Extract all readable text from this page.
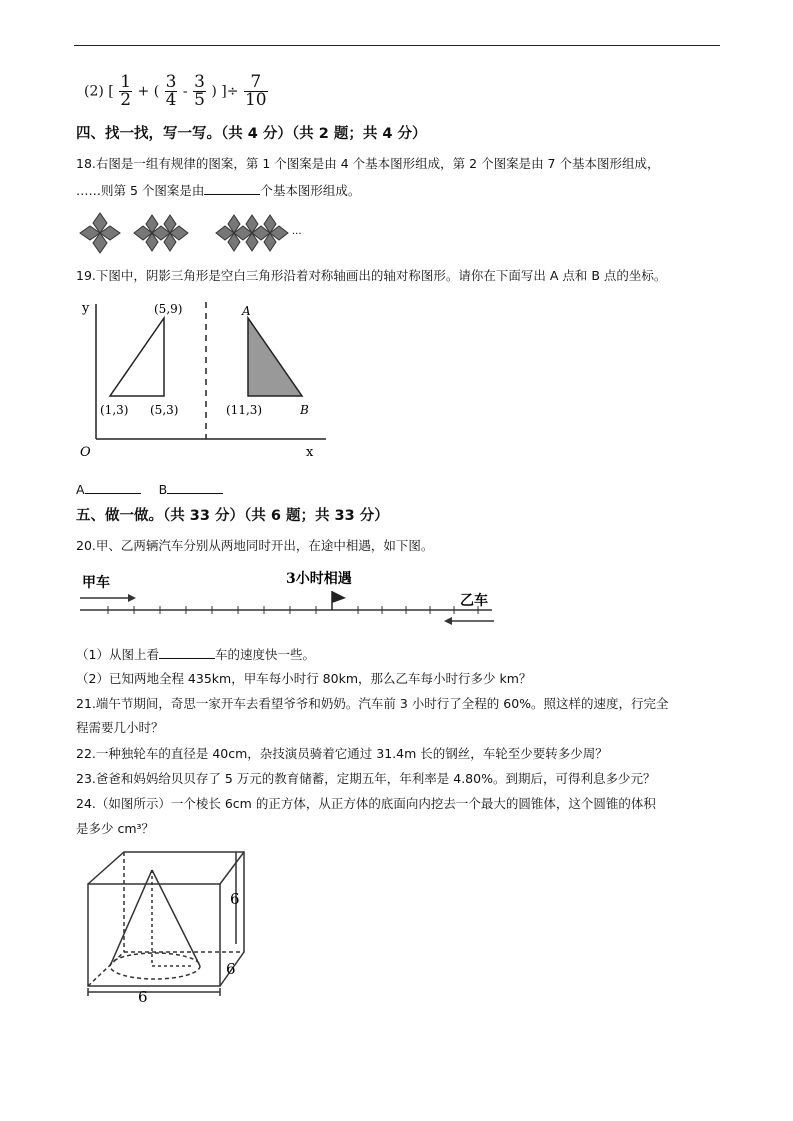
(2) [ $\frac{1}{2}$ + ( $\frac{3}{4} - \frac{3}{5}$ ) ]÷ $\frac{7}{10}$
四、找一找，写一写。（共 4 分）（共 2 题；共 4 分）
18.右图是一组有规律的图案，第 1 个图案是由 4 个基本图形组成，第 2 个图案是由 7 个基本图形组成，
……则第 5 个图案是由	个基本图形组成。
···
19.下图中，阴影三角形是空白三角形沿着对称轴画出的轴对称图形。请你在下面写出 A 点和 B 点的坐标。
y
x
O
(5,9)
(1,3) (5,3)	(11,3)
A
B
A	B
五、做一做。（共 33 分）（共 6 题；共 33 分）
20.甲、乙两辆汽车分别从两地同时开出，在途中相遇，如下图。
甲车	3小时相遇
乙车
（1）从图上看	车的速度快一些。
（2）已知两地全程 435km，甲车每小时行 80km，那么乙车每小时行多少 km？
21.端午节期间，奇思一家开车去看望爷爷和奶奶。汽车前 3 小时行了全程的 60%。照这样的速度，行完全
程需要几小时？
22.一种独轮车的直径是 40cm，杂技演员骑着它通过 31.4m 长的钢丝，车轮至少要转多少周？
23.爸爸和妈妈给贝贝存了 5 万元的教育储蓄，定期五年，年利率是 4.80%。到期后，可得利息多少元？
24.（如图所示）一个棱长 6cm 的正方体，从正方体的底面向内挖去一个最大的圆锥体，这个圆锥的体积
是多少 cm³？
6
6
6
